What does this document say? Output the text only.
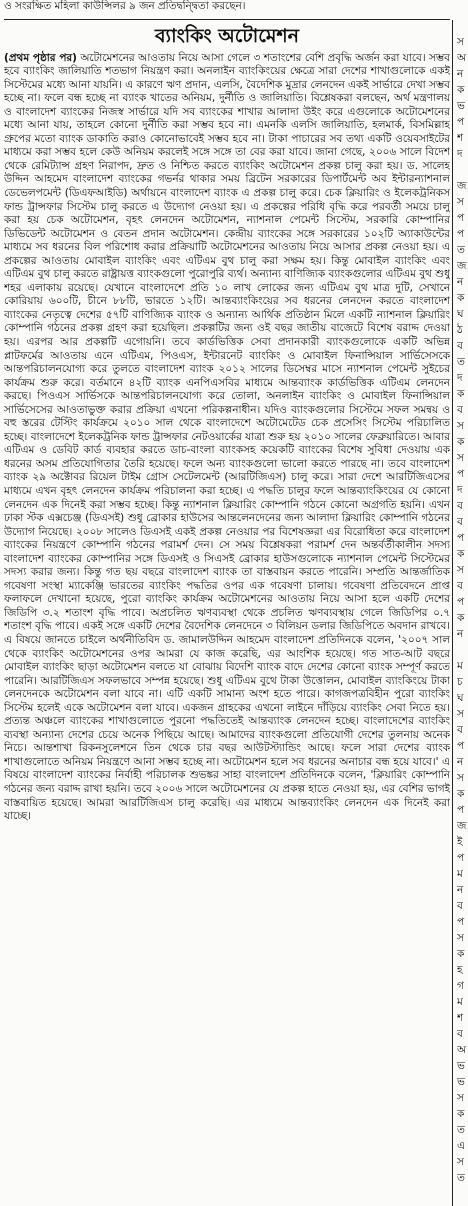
ও সংরক্ষিত মহিলা কাউন্সিলর ৯ জন প্রতিদ্বন্দ্বিতা করছেন।

ব্যাংকিং অটোমেশন

(প্রথম পৃষ্ঠার পর) অটোমেশনের আওতায় নিয়ে আসা গেলে ৩ শতাংশের বেশি প্রবৃদ্ধি অর্জন করা যাবে। সম্ভব হবে ব্যাংকিং জালিয়াতি শতভাগ নিয়ন্ত্রণ করা। অনলাইন ব্যাংকিংয়ের ক্ষেত্রে সারা দেশের শাখাগুলোকে একই সিস্টেমের মধ্যে আনা যায়নি। এ কারণে ঋণ প্রদান, এলসি, বৈদেশিক মুদ্রার লেনদেন একই সার্ভারে দেখা সম্ভব হচ্ছে না। ফলে বন্ধ হচ্ছে না ব্যাংক খাতের অনিয়ম, দুর্নীতি ও জালিয়াতি। বিশ্লেষকরা বলছেন, অর্থ মন্ত্রণালয় ও বাংলাদেশ ব্যাংকের নিজস্ব সার্ভারে যদি সব ব্যাংকের শাখার আলাদা উইং করে এগুলোকে অটোমেশনের মধ্যে আনা যায়, তাহলে কোনো দুর্নীতি করা সম্ভব হবে না। এমনকি এলসি জালিয়াতি, হলমার্ক, বিসমিল্লাহ গ্রুপের মতো ব্যাংক ডাকাতি করাও কোনোভাবেই সম্ভব হবে না। টাকা পাচারের সব তথ্য একটি ওয়েবসাইটের মাধ্যমে করা সম্ভব হলে কেউ অনিয়ম করলেই সঙ্গে সঙ্গে তা বের করা যাবে। জানা গেছে, ২০০৬ সালে বিদেশ থেকে রেমিট্যান্স গ্রহণ নিরাপদ, দ্রুত ও নিশ্চিত করতে ব্যাংকিং অটোমেশন প্রকল্প চালু করা হয়। ড. সালেহ উদ্দিন আহমেদ বাংলাদেশ ব্যাংকের গভর্নর থাকার সময় ব্রিটেন সরকারের ডিপার্টমেন্ট অব ইন্টারন্যাশনাল ডেভেলপমেন্ট (ডিএফআইডি) অর্থায়নে বাংলাদেশ ব্যাংক এ প্রকল্প চালু করে। চেক ক্লিয়ারিং ও ইলেকট্রনিকস ফান্ড ট্রান্সফার সিস্টেম চালু করতে এ উদ্যোগ নেওয়া হয়। এ প্রকল্পের পরিধি বৃদ্ধি করে পরবর্তী সময়ে চালু করা হয় চেক অটোমেশন, বৃহৎ লেনদেন অটোমেশন, ন্যাশনাল পেমেন্ট সিস্টেম, সরকারি কোম্পানির ডিভিডেন্ট অটোমেশন ও বেতন প্রদান অটোমেশন। কেন্দ্রীয় ব্যাংকের সঙ্গে সরকারের ১০২টি অ্যাকাউন্টের মাধ্যমে সব ধরনের বিল পরিশোধ করার প্রক্রিয়াটি অটোমেশনের আওতায় নিয়ে আসার প্রকল্প নেওয়া হয়। এ প্রকল্পের আওতায় মোবাইল ব্যাংকিং এবং এটিএম বুথ চালু করা সক্ষম হয়। কিন্তু মোবাইল ব্যাংকিং এবং এটিএম বুথ চালু করতে রাষ্ট্রায়ত্ত ব্যাংকগুলো পুরোপুরি ব্যর্থ। অন্যান্য বাণিজ্যিক ব্যাংকগুলোর এটিএম বুথ শুধু শহর এলাকায় রয়েছে। যেখানে বাংলাদেশে প্রতি ১০ লাখ লোকের জন্য এটিএম বুথ মাত্র দুটি, সেখানে কোরিয়ায় ৬০০টি, চীনে ৮৮টি, ভারতে ১২টি। আন্তব্যাংকিংয়ের সব ধরনের লেনদেন করতে বাংলাদেশ ব্যাংকের নেতৃত্বে দেশের ৫৭টি বাণিজ্যিক ব্যাংক ও অন্যান্য আর্থিক প্রতিষ্ঠান মিলে একটি ন্যাশনাল ক্লিয়ারিং কোম্পানি গঠনের প্রকল্প গ্রহণ করা হয়েছিল। প্রকল্পটির জন্য ওই বছর জাতীয় বাজেটে বিশেষ বরাদ্দ দেওয়া হয়। এরপর আর প্রকল্পটি এগোয়নি। তবে কার্ডভিত্তিক সেবা প্রদানকারী ব্যাংকগুলোকে একটি অভিন্ন প্লাটফর্মের আওতায় এনে এটিএম, পিওএস, ইন্টারনেট ব্যাংকিং ও মোবাইল ফিনান্সিয়াল সার্ভিসেসকে আন্তপরিচালনযোগ্য করে তুলতে বাংলাদেশ ব্যাংক ২০১২ সালের ডিসেম্বর মাসে ন্যাশনাল পেমেন্ট সুইচের কার্যক্রম শুরু করে। বর্তমানে ৪২টি ব্যাংক এনপিএসবির মাধ্যমে আন্তব্যাংক কার্ডভিত্তিক এটিএম লেনদেন করছে। পিওএস সার্ভিসকে আন্তপরিচালনযোগ্য করে তোলা, অনলাইন ব্যাংকিং ও মোবাইল ফিনান্সিয়াল সার্ভিসেসের আওতাভুক্ত করার প্রক্রিয়া এখনো পরিকল্পনাধীন। যদিও ব্যাংকগুলোর সিস্টেমে সফল সমন্বয় ও বহু স্তরের টেস্টিং কার্যক্রমে ২০১০ সাল থেকে বাংলাদেশে অটোমেটেড চেক প্রসেসিং সিস্টেম পরিচালিত হচ্ছে। বাংলাদেশে ইলেকট্রনিক ফান্ড ট্রান্সফার নেটওয়ার্কের যাত্রা শুরু হয় ২০১০ সালের ফেব্রুয়ারিতে। আবার এটিএম ও ডেবিট কার্ড ব্যবহার করতে ডাচ-বাংলা ব্যাংকসহ কয়েকটি ব্যাংকের বিশেষ সুবিধা দেওয়ায় এক ধরনের অসম প্রতিযোগিতার তৈরি হয়েছে। ফলে অন্য ব্যাংকগুলো ভালো করতে পারছে না। তবে বাংলাদেশ ব্যাংক ২৯ অক্টোবর রিয়েল টাইম গ্রোস সেটেলমেন্ট (আরটিজিএস) চালু করে। সারা দেশে আরটিজিএসের মাধ্যমে এখন বৃহৎ লেনদেন কার্যক্রম পরিচালনা করা হচ্ছে। এ পদ্ধতি চালুর ফলে আন্তব্যাংকিংয়ের যে কোনো লেনদেন এক দিনেই করা সম্ভব হচ্ছে। কিন্তু ন্যাশনাল ক্লিয়ারিং কোম্পানি গঠনে কোনো অগ্রগতি হয়নি। এখন ঢাকা স্টক এক্সচেঞ্জ (ডিএসই) শুধু ব্রোকার হাউসের আন্তলেনদেনের জন্য আলাদা ক্লিয়ারিং কোম্পানি গঠনের উদ্যোগ নিয়েছে। ২০০৮ সালেও ডিএসই একই প্রকল্প নেওয়ার পর বিশেষজ্ঞরা এর বিরোধিতা করে বাংলাদেশ ব্যাংকের নিয়ন্ত্রণে কোম্পানি গঠনের পরামর্শ দেন। সে সময় বিশ্লেষকরা পরামর্শ দেন অন্তর্বর্তীকালীন সদস্য বাংলাদেশ ব্যাংকের কোম্পানির সঙ্গে ডিএসই ও সিএসই ব্রোকার হাউসগুলোকে ন্যাশনাল পেমেন্ট সিস্টেমের সদস্য করার জন্য। কিন্তু গত ছয় বছরে বাংলাদেশ ব্যাংক তা বাস্তবায়ন করতে পারেনি। সম্প্রতি আন্তর্জাতিক গবেষণা সংস্থা ম্যাকেঞ্জি ভারতের ব্যাংকিং পদ্ধতির ওপর এক গবেষণা চালায়। গবেষণা প্রতিবেদনে প্রাপ্ত ফলাফলে দেখানো হয়েছে, পুরো ব্যাংকিং কার্যক্রম অটোমেশনের আওতায় নিয়ে আসা হলে একটি দেশের জিডিপি ৩.২ শতাংশ বৃদ্ধি পাবে। অপ্রচলিত ঋণব্যবস্থা থেকে প্রচলিত ঋণব্যবস্থায় গেলে জিডিপির ০.৭ শতাংশ বৃদ্ধি পাবে। একই সঙ্গে একটি দেশের বৈদেশিক লেনদেনে ৩ বিলিয়ন ডলার জিডিপিতে অবদান রাখবে। এ বিষয়ে জানতে চাইলে অর্থনীতিবিদ ড. জামালউদ্দিন আহমেদ বাংলাদেশ প্রতিদিনকে বলেন, '২০০৭ সাল থেকে ব্যাংকিং অটোমেশনের ওপর আমরা যে কাজ করেছি, এর আংশিক হয়েছে। গত সাত-আট বছরে মোবাইল ব্যাংকিং ছাড়া অটোমেশন বলতে যা বোঝায় বিদেশি ব্যাংক বাদে দেশের কোনো ব্যাংক সম্পূর্ণ করতে পারেনি। আরটিজিএস সফলভাবে সম্পন্ন হয়েছে। শুধু এটিএম বুথে টাকা উত্তোলন, মোবাইল ব্যাংকিংয়ে টাকা লেনদেনকে অটোমেশন বলা যাবে না। এটি একটি সামান্য অংশ হতে পারে। কাগজপত্রবিহীন পুরো ব্যাংকিং সিস্টেম হলেই একে অটোমেশন বলা যাবে। একজন গ্রাহকের এখনো লাইনে দাঁড়িয়ে ব্যাংকিং সেবা নিতে হয়। প্রত্যন্ত অঞ্চলে ব্যাংকের শাখাগুলোতে পুরনো পদ্ধতিতেই আন্তব্যাংক লেনদেন হচ্ছে। বাংলাদেশের ব্যাংকিং ব্যবস্থা অন্যান্য দেশের চেয়ে অনেক পিছিয়ে আছে। আমাদের ব্যাংকগুলো প্রতিযোগী দেশের তুলনায় অনেক নিচে। আন্তশাখা রিকনসুলেশনে তিন থেকে চার বছর আউটস্ট্যান্ডিং আছে। ফলে সারা দেশের ব্যাংক শাখাগুলোতে অনিয়ম নিয়ন্ত্রণে আনা সম্ভব হচ্ছে না। অটোমেশন হলে সব ধরনের অনাচার বন্ধ হয়ে যাবে।' এ বিষয়ে বাংলাদেশ ব্যাংকের নির্বাহী পরিচালক শুভঙ্কর সাহা বাংলাদেশ প্রতিদিনকে বলেন, 'ক্লিয়ারিং কোম্পানি গঠনের জন্য বরাদ্দ রাখা হয়নি। তবে ২০০৬ সালে অটোমেশনের যে প্রকল্প হাতে নেওয়া হয়, এর বেশির ভাগই বাস্তবায়িত হয়েছে। আমরা আরটিজিএস চালু করেছি। এর মাধ্যমে আন্তব্যাংকিং লেনদেন এক দিনেই করা যাচ্ছে।

স
অ
ন
ক
ভ
প
শ
দ
জ
স
প
প
ত
জ
ন
ক
ঘ
ঠ
ব
ত
দ
ক
ব
স
ক
স
প
দ
ব
ব
প
ক
স
ব
প
ক
ন
ম
চ
ঘ
স
ব
প
ন
স
ক
প
জ
ই
প
ম
ন
ব
প
স
ক
হ
গ
ম
শ
ব
অ
ভ
ভ
স
ক
ত
এ
স
ত
